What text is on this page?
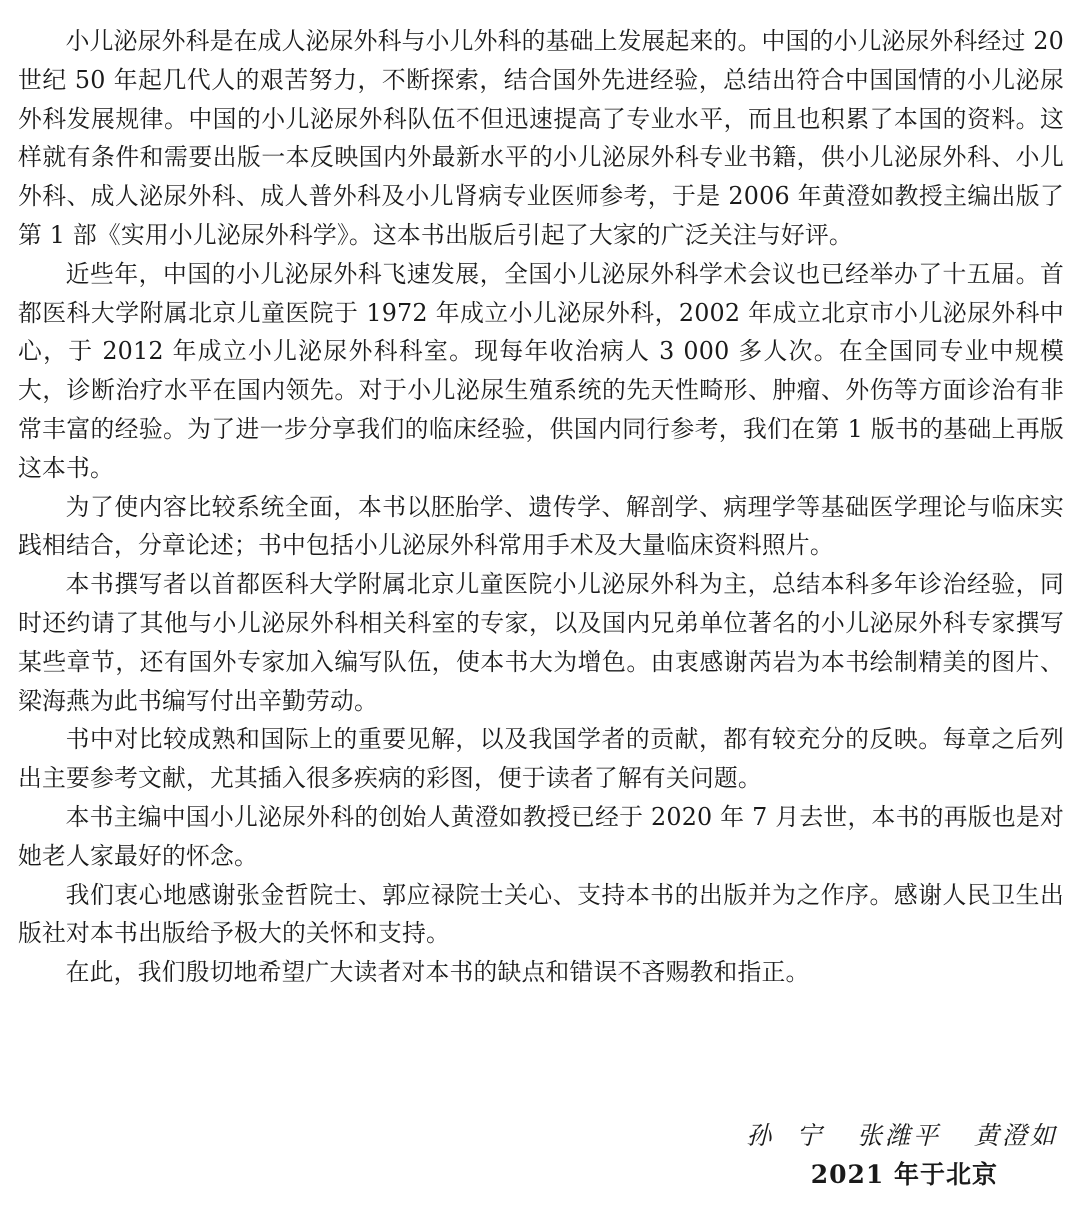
小儿泌尿外科是在成人泌尿外科与小儿外科的基础上发展起来的。中国的小儿泌尿外科经过 20 世纪 50 年起几代人的艰苦努力，不断探索，结合国外先进经验，总结出符合中国国情的小儿泌尿外科发展规律。中国的小儿泌尿外科队伍不但迅速提高了专业水平，而且也积累了本国的资料。这样就有条件和需要出版一本反映国内外最新水平的小儿泌尿外科专业书籍，供小儿泌尿外科、小儿外科、成人泌尿外科、成人普外科及小儿肾病专业医师参考，于是 2006 年黄澄如教授主编出版了第 1 部《实用小儿泌尿外科学》。这本书出版后引起了大家的广泛关注与好评。

近些年，中国的小儿泌尿外科飞速发展，全国小儿泌尿外科学术会议也已经举办了十五届。首都医科大学附属北京儿童医院于 1972 年成立小儿泌尿外科，2002 年成立北京市小儿泌尿外科中心，于 2012 年成立小儿泌尿外科科室。现每年收治病人 3 000 多人次。在全国同专业中规模大，诊断治疗水平在国内领先。对于小儿泌尿生殖系统的先天性畸形、肿瘤、外伤等方面诊治有非常丰富的经验。为了进一步分享我们的临床经验，供国内同行参考，我们在第 1 版书的基础上再版这本书。

为了使内容比较系统全面，本书以胚胎学、遗传学、解剖学、病理学等基础医学理论与临床实践相结合，分章论述；书中包括小儿泌尿外科常用手术及大量临床资料照片。

本书撰写者以首都医科大学附属北京儿童医院小儿泌尿外科为主，总结本科多年诊治经验，同时还约请了其他与小儿泌尿外科相关科室的专家，以及国内兄弟单位著名的小儿泌尿外科专家撰写某些章节，还有国外专家加入编写队伍，使本书大为增色。由衷感谢芮岩为本书绘制精美的图片、梁海燕为此书编写付出辛勤劳动。

书中对比较成熟和国际上的重要见解，以及我国学者的贡献，都有较充分的反映。每章之后列出主要参考文献，尤其插入很多疾病的彩图，便于读者了解有关问题。

本书主编中国小儿泌尿外科的创始人黄澄如教授已经于 2020 年 7 月去世，本书的再版也是对她老人家最好的怀念。

我们衷心地感谢张金哲院士、郭应禄院士关心、支持本书的出版并为之作序。感谢人民卫生出版社对本书出版给予极大的关怀和支持。

在此，我们殷切地希望广大读者对本书的缺点和错误不吝赐教和指正。

孙  宁   张潍平   黄澄如
2021 年于北京
